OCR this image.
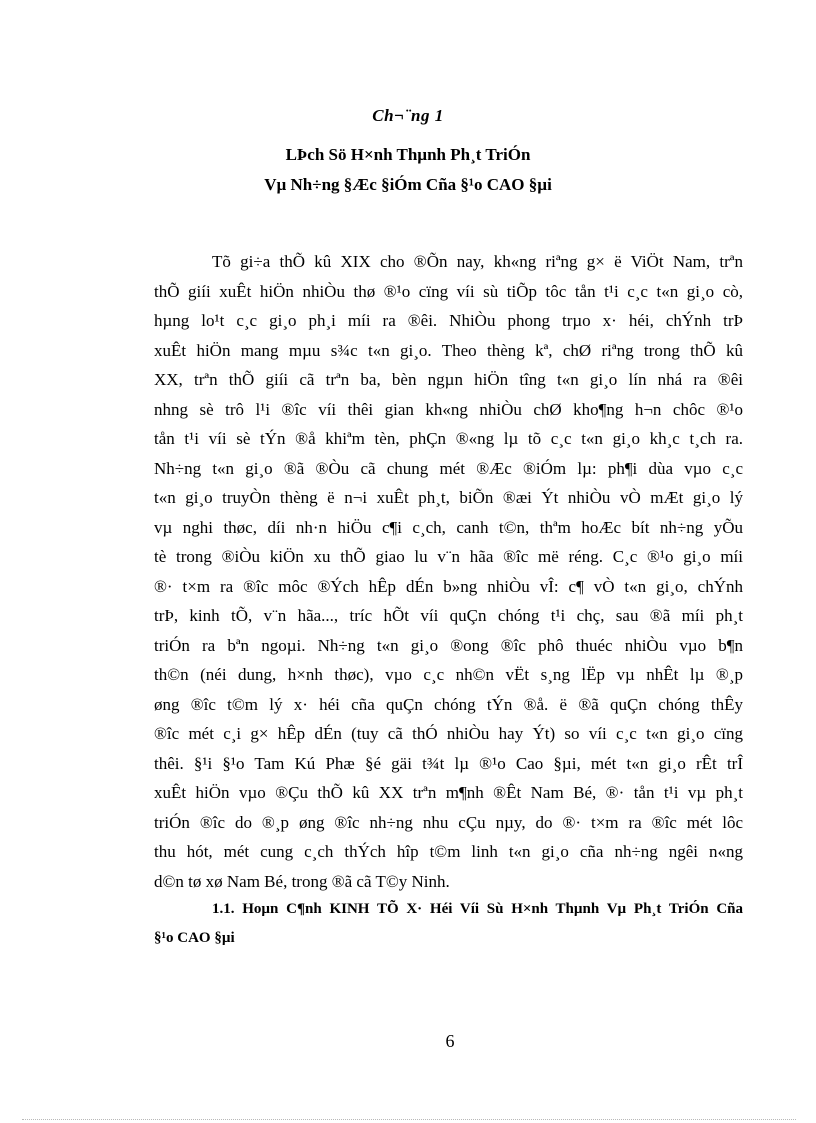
Ch¬¨ng 1
LÞch Sö H×nh Thµnh Ph¸t TriÓn
Vµ Nh÷ng §Æc §iÓm Cña §¹o CAO §µi
Tõ gi÷a thÕ kû XIX cho ®Õn nay, kh«ng riªng g× ë ViÖt Nam, trªn
thÕ giíi xuÊt hiÖn nhiÒu thø ®¹o cïng víi sù tiÕp tôc tån t¹i c¸c t«n gi¸o cò,
hµng lo¹t c¸c gi¸o ph¸i míi ra ®êi. NhiÒu phong trµo x· héi, chÝnh trÞ
xuÊt hiÖn mang mµu s¾c t«n gi¸o. Theo thèng kª, chØ riªng trong thÕ kû
XX, trªn thÕ giíi cã trªn ba, bèn ngµn hiÖn tîng t«n gi¸o lín nhá ra ®êi
nhng sè trô l¹i ®îc víi thêi gian kh«ng nhiÒu chØ kho¶ng h¬n chôc ®¹o
tån t¹i víi sè tÝn ®å khiªm tèn, phÇn ®«ng lµ tõ c¸c t«n gi¸o kh¸c t¸ch ra.
Nh÷ng t«n gi¸o ®ã ®Òu cã chung mét ®Æc ®iÓm lµ: ph¶i dùa vµo c¸c
t«n gi¸o truyÒn thèng ë n¬i xuÊt ph¸t, biÕn ®æi Ýt nhiÒu vÒ mÆt gi¸o lý
vµ nghi thøc, díi nh·n hiÖu c¶i c¸ch, canh t©n, thªm hoÆc bít nh÷ng yÕu
tè trong ®iÒu kiÖn xu thÕ giao lu v¨n hãa ®îc më réng. C¸c ®¹o gi¸o míi
®· t×m ra ®îc môc ®Ých hÊp dÉn b»ng nhiÒu vÎ: c¶ vÒ t«n gi¸o, chÝnh
trÞ, kinh tÕ, v¨n hãa..., tríc hÕt víi quÇn chóng t¹i chç, sau ®ã míi ph¸t
triÓn ra bªn ngoµi. Nh÷ng t«n gi¸o ®ong ®îc phô thuéc nhiÒu vµo b¶n
th©n (néi dung, h×nh thøc), vµo c¸c nh©n vËt s¸ng lËp vµ nhÊt lµ ®¸p
øng ®îc t©m lý x· héi cña quÇn chóng tÝn ®å. ë ®ã quÇn chóng thÊy
®îc mét c¸i g× hÊp dÉn (tuy cã thÓ nhiÒu hay Ýt) so víi c¸c t«n gi¸o cïng
thêi. §¹i §¹o Tam Kú Phæ §é gäi t¾t lµ ®¹o Cao §µi, mét t«n gi¸o rÊt trÎ
xuÊt hiÖn vµo ®Çu thÕ kû XX trªn m¶nh ®Êt Nam Bé, ®· tån t¹i vµ ph¸t
triÓn ®îc do ®¸p øng ®îc nh÷ng nhu cÇu nµy, do ®· t×m ra ®îc mét lôc
thu hót, mét cung c¸ch thÝch hîp t©m linh t«n gi¸o cña nh÷ng ngêi n«ng
d©n tø xø Nam Bé, trong ®ã cã T©y Ninh.
1.1. Hoµn C¶nh KINH TÕ X· Héi Víi Sù H×nh Thµnh Vµ Ph¸t TriÓn Cña
§¹o CAO §µi
6
